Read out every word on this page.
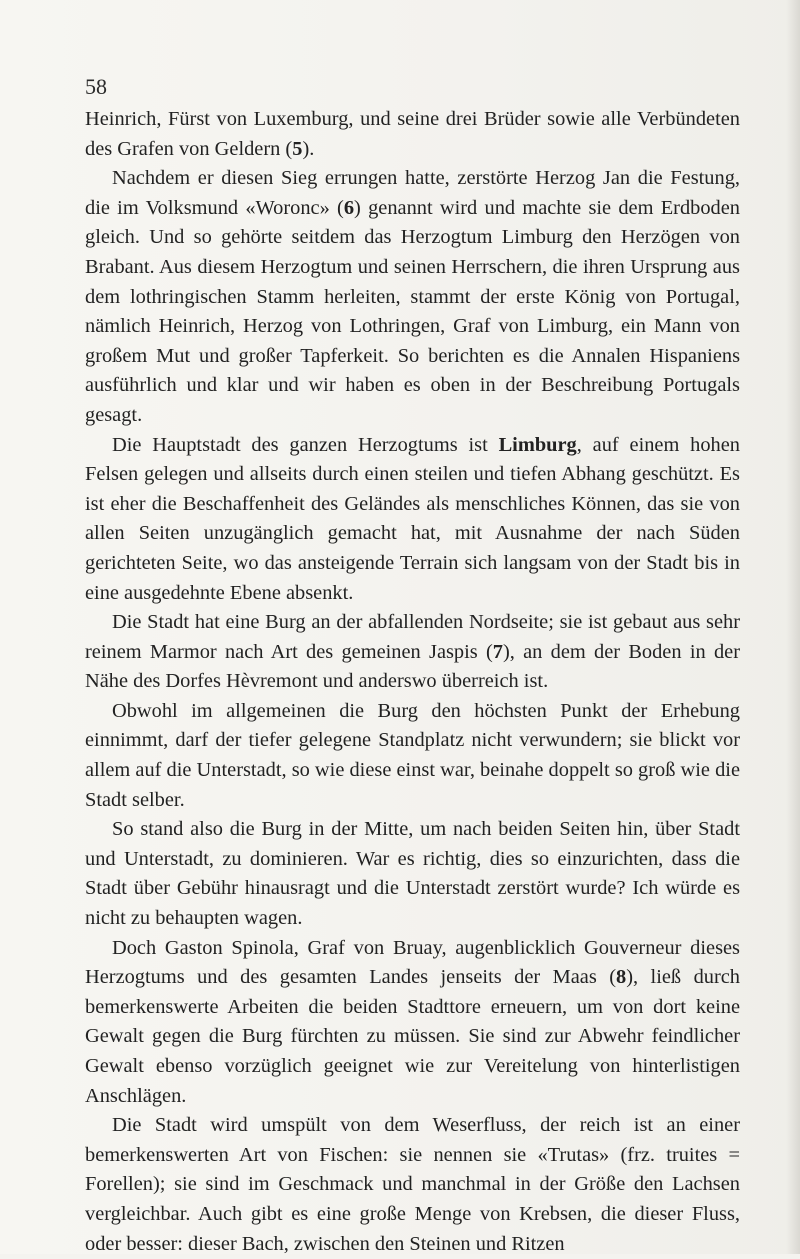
58

Heinrich, Fürst von Luxemburg, und seine drei Brüder sowie alle Verbündeten des Grafen von Geldern (5).

Nachdem er diesen Sieg errungen hatte, zerstörte Herzog Jan die Festung, die im Volksmund «Woronc» (6) genannt wird und machte sie dem Erdboden gleich. Und so gehörte seitdem das Herzogtum Limburg den Herzögen von Brabant. Aus diesem Herzogtum und seinen Herrschern, die ihren Ursprung aus dem lothringischen Stamm herleiten, stammt der erste König von Portugal, nämlich Heinrich, Herzog von Lothringen, Graf von Limburg, ein Mann von großem Mut und großer Tapferkeit. So berichten es die Annalen Hispaniens ausführlich und klar und wir haben es oben in der Beschreibung Portugals gesagt.

Die Hauptstadt des ganzen Herzogtums ist Limburg, auf einem hohen Felsen gelegen und allseits durch einen steilen und tiefen Abhang geschützt. Es ist eher die Beschaffenheit des Geländes als menschliches Können, das sie von allen Seiten unzugänglich gemacht hat, mit Ausnahme der nach Süden gerichteten Seite, wo das ansteigende Terrain sich langsam von der Stadt bis in eine ausgedehnte Ebene absenkt.

Die Stadt hat eine Burg an der abfallenden Nordseite; sie ist gebaut aus sehr reinem Marmor nach Art des gemeinen Jaspis (7), an dem der Boden in der Nähe des Dorfes Hèvremont und anderswo überreich ist.

Obwohl im allgemeinen die Burg den höchsten Punkt der Erhebung einnimmt, darf der tiefer gelegene Standplatz nicht verwundern; sie blickt vor allem auf die Unterstadt, so wie diese einst war, beinahe doppelt so groß wie die Stadt selber.

So stand also die Burg in der Mitte, um nach beiden Seiten hin, über Stadt und Unterstadt, zu dominieren. War es richtig, dies so einzurichten, dass die Stadt über Gebühr hinausragt und die Unterstadt zerstört wurde? Ich würde es nicht zu behaupten wagen.

Doch Gaston Spinola, Graf von Bruay, augenblicklich Gouverneur dieses Herzogtums und des gesamten Landes jenseits der Maas (8), ließ durch bemerkenswerte Arbeiten die beiden Stadttore erneuern, um von dort keine Gewalt gegen die Burg fürchten zu müssen. Sie sind zur Abwehr feindlicher Gewalt ebenso vorzüglich geeignet wie zur Vereitelung von hinterlistigen Anschlägen.

Die Stadt wird umspült von dem Weserfluss, der reich ist an einer bemerkenswerten Art von Fischen: sie nennen sie «Trutas» (frz. truites = Forellen); sie sind im Geschmack und manchmal in der Größe den Lachsen vergleichbar. Auch gibt es eine große Menge von Krebsen, die dieser Fluss, oder besser: dieser Bach, zwischen den Steinen und Ritzen
